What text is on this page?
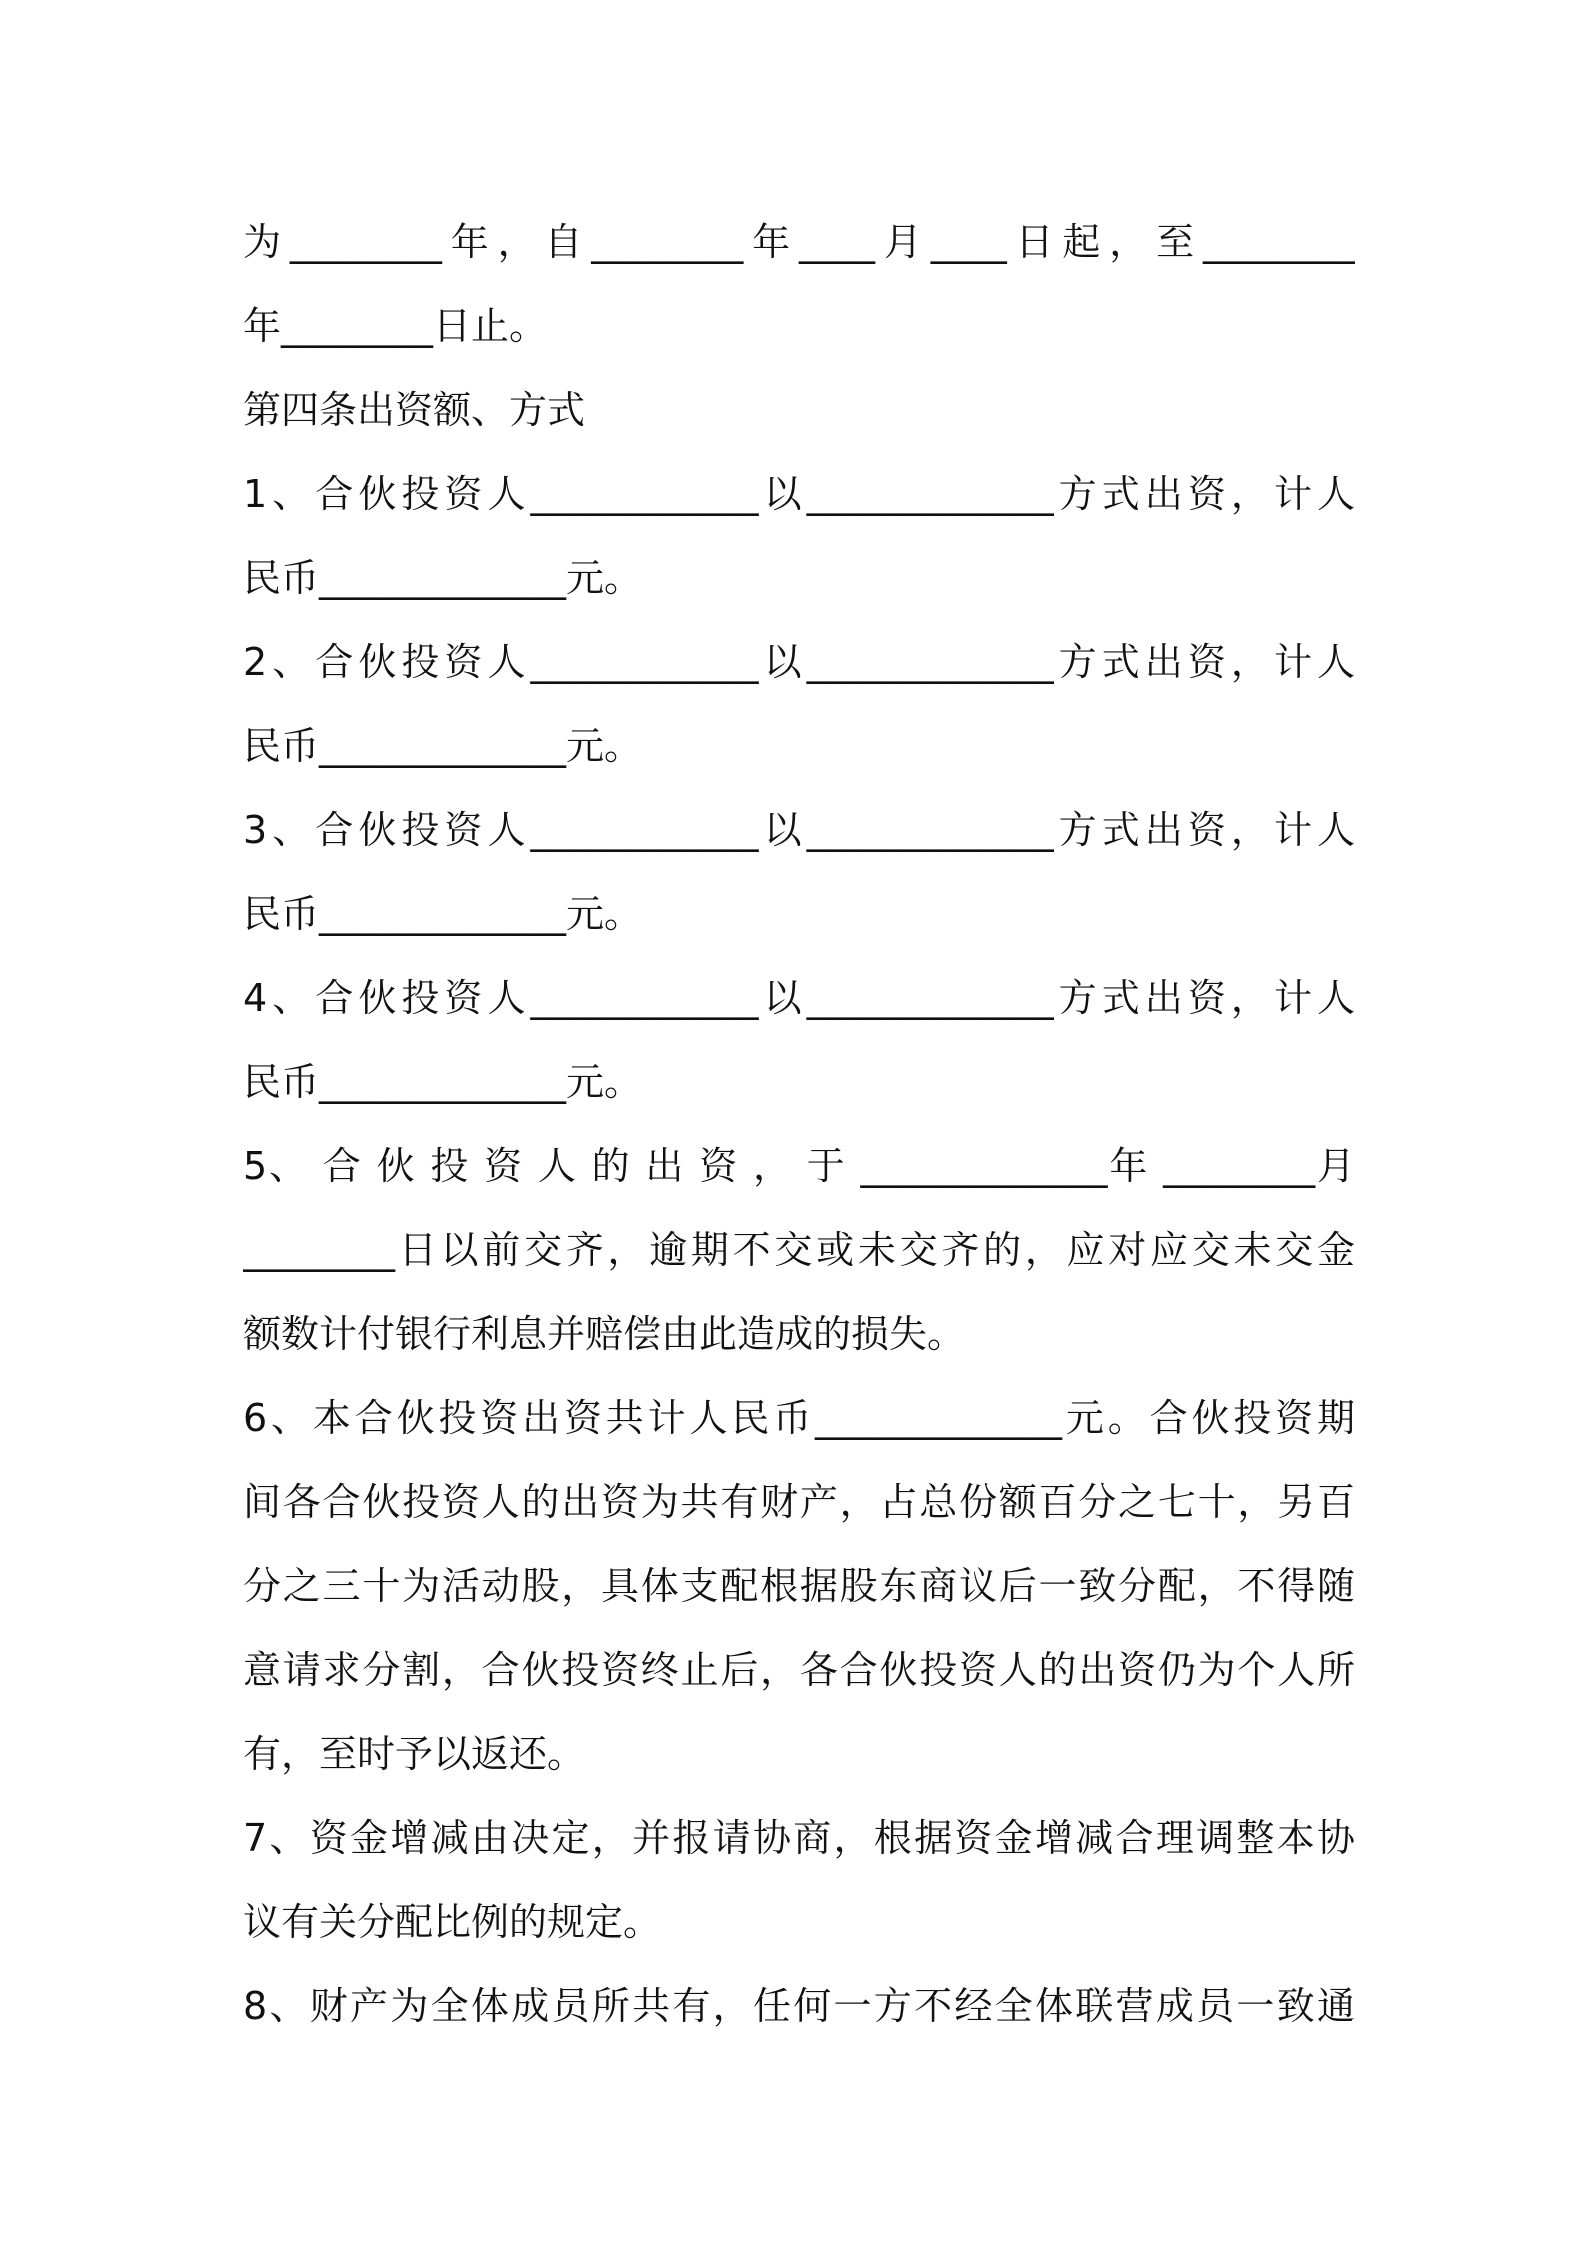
为________年，自________年____月____日起，至________
年________日止。
第四条出资额、方式
1、合伙投资人____________以_____________方式出资，计人
民币_____________元。
2、合伙投资人____________以_____________方式出资，计人
民币_____________元。
3、合伙投资人____________以_____________方式出资，计人
民币_____________元。
4、合伙投资人____________以_____________方式出资，计人
民币_____________元。
5、 合 伙 投 资 人 的 出 资 ， 于 _____________年 ________月
________日以前交齐，逾期不交或未交齐的，应对应交未交金
额数计付银行利息并赔偿由此造成的损失。
6、本合伙投资出资共计人民币_____________元。合伙投资期
间各合伙投资人的出资为共有财产，占总份额百分之七十，另百
分之三十为活动股，具体支配根据股东商议后一致分配，不得随
意请求分割，合伙投资终止后，各合伙投资人的出资仍为个人所
有，至时予以返还。
7、资金增减由决定，并报请协商，根据资金增减合理调整本协
议有关分配比例的规定。
8、财产为全体成员所共有，任何一方不经全体联营成员一致通
